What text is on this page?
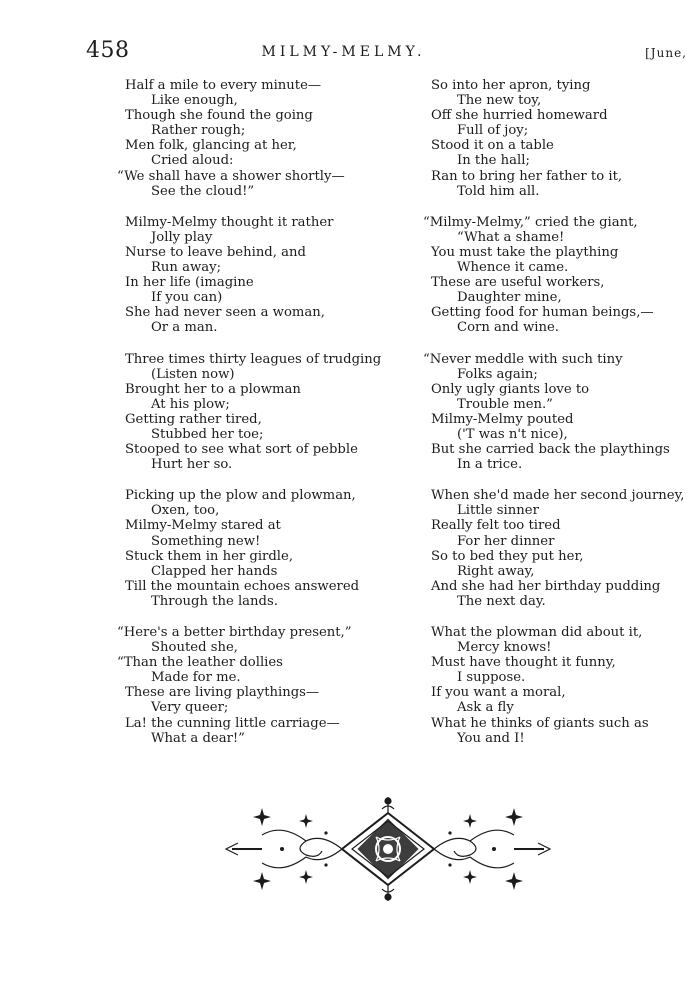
458	MILMY-MELMY.	[June,
Half a mile to every minute—
Like enough,
Though she found the going
Rather rough;
Men folk, glancing at her,
Cried aloud:
“We shall have a shower shortly—
See the cloud!”
Milmy-Melmy thought it rather
Jolly play
Nurse to leave behind, and
Run away;
In her life (imagine
If you can)
She had never seen a woman,
Or a man.
Three times thirty leagues of trudging
(Listen now)
Brought her to a plowman
At his plow;
Getting rather tired,
Stubbed her toe;
Stooped to see what sort of pebble
Hurt her so.
Picking up the plow and plowman,
Oxen, too,
Milmy-Melmy stared at
Something new!
Stuck them in her girdle,
Clapped her hands
Till the mountain echoes answered
Through the lands.
“Here's a better birthday present,”
Shouted she,
“Than the leather dollies
Made for me.
These are living playthings—
Very queer;
La! the cunning little carriage—
What a dear!”
So into her apron, tying
The new toy,
Off she hurried homeward
Full of joy;
Stood it on a table
In the hall;
Ran to bring her father to it,
Told him all.
“Milmy-Melmy,” cried the giant,
“What a shame!
You must take the plaything
Whence it came.
These are useful workers,
Daughter mine,
Getting food for human beings,—
Corn and wine.
“Never meddle with such tiny
Folks again;
Only ugly giants love to
Trouble men.”
Milmy-Melmy pouted
('T was n't nice),
But she carried back the playthings
In a trice.
When she'd made her second journey,
Little sinner
Really felt too tired
For her dinner
So to bed they put her,
Right away,
And she had her birthday pudding
The next day.
What the plowman did about it,
Mercy knows!
Must have thought it funny,
I suppose.
If you want a moral,
Ask a fly
What he thinks of giants such as
You and I!
